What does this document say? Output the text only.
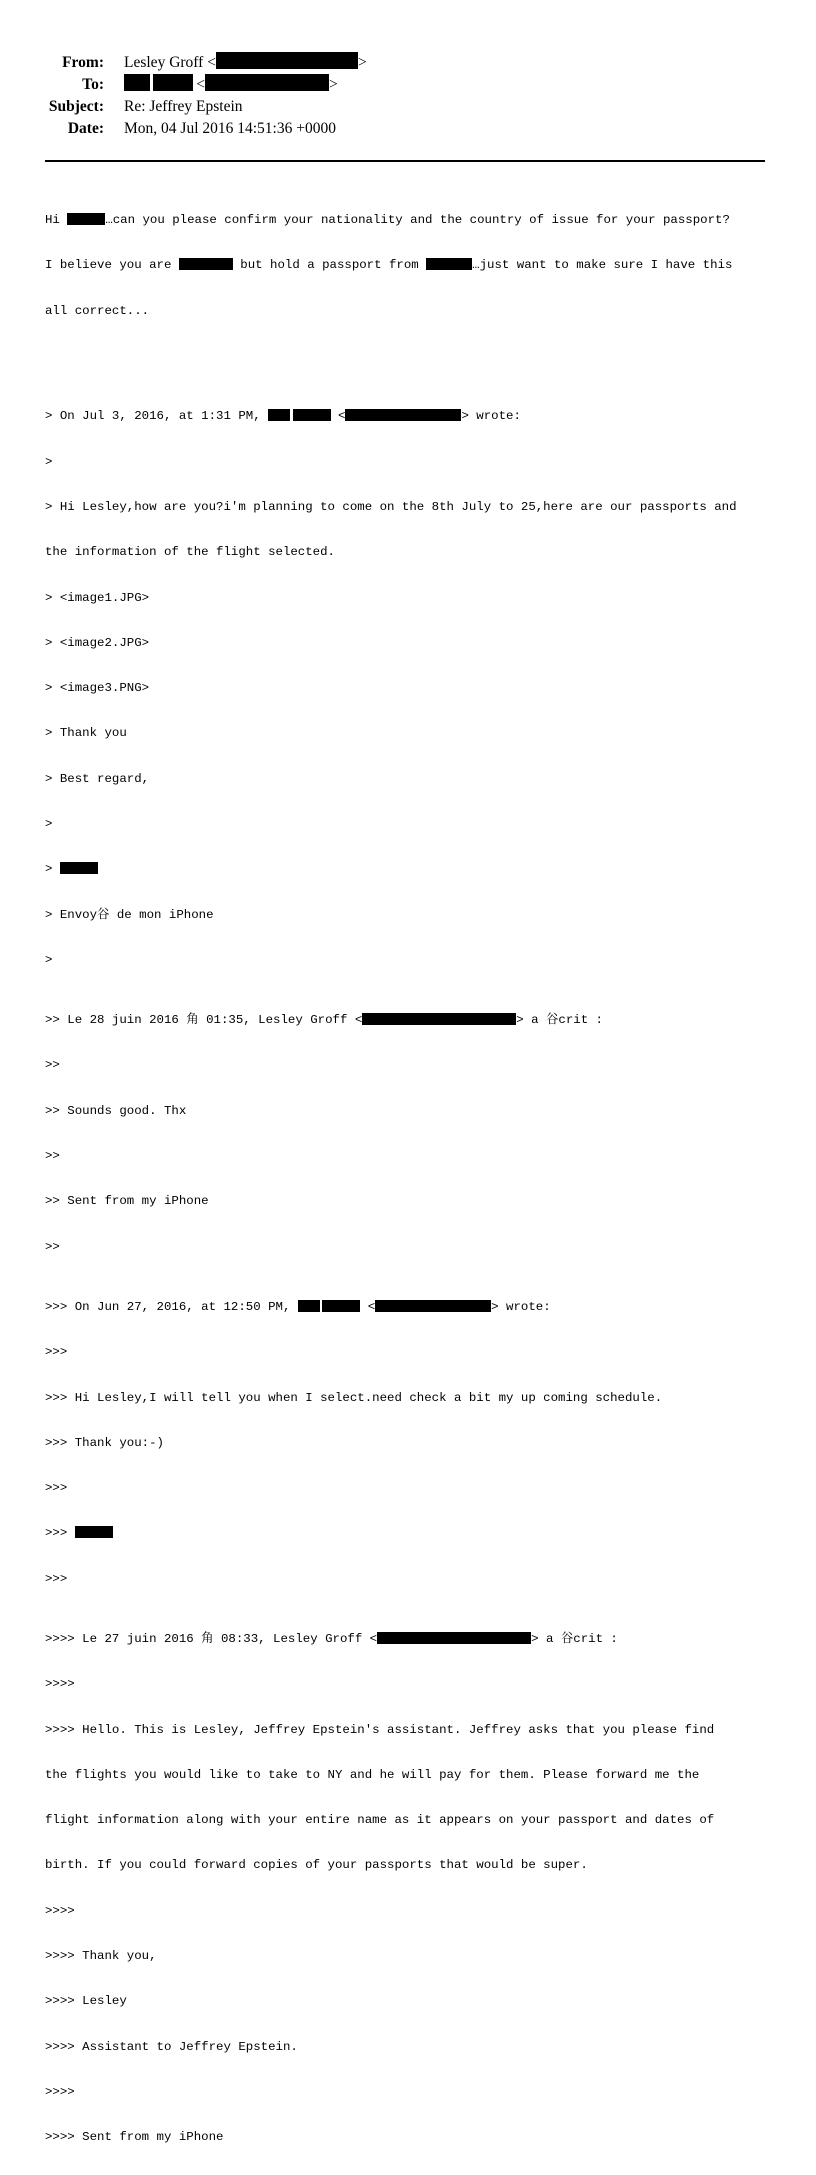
From: Lesley Groff <	>
To:
  	<	>
Subject: Re: Jeffrey Epstein
Date: Mon, 04 Jul 2016 14:51:36 +0000

Hi	…can you please confirm your nationality and the country of issue for your passport?

I believe you are	but hold a passport from	…just want to make sure I have this

all correct...

> On Jul 3, 2016, at 1:31 PM,  	<	> wrote:

>

> Hi Lesley,how are you?i'm planning to come on the 8th July to 25,here are our passports and

the information of the flight selected.

> <image1.JPG>

> <image2.JPG>

> <image3.PNG>

> Thank you

> Best regard,

>

>

> Envoy谷 de mon iPhone

>

>> Le 28 juin 2016 角 01:35, Lesley Groff <	> a 谷crit :

>>

>> Sounds good. Thx

>>

>> Sent from my iPhone

>>

>>> On Jun 27, 2016, at 12:50 PM,  	<	> wrote:

>>>

>>> Hi Lesley,I will tell you when I select.need check a bit my up coming schedule.

>>> Thank you:-)

>>>

>>>

>>>

>>>> Le 27 juin 2016 角 08:33, Lesley Groff <	> a 谷crit :

>>>>

>>>> Hello. This is Lesley, Jeffrey Epstein's assistant. Jeffrey asks that you please find

the flights you would like to take to NY and he will pay for them. Please forward me the

flight information along with your entire name as it appears on your passport and dates of

birth. If you could forward copies of your passports that would be super.

>>>>

>>>> Thank you,

>>>> Lesley

>>>> Assistant to Jeffrey Epstein.

>>>>

>>>> Sent from my iPhone
